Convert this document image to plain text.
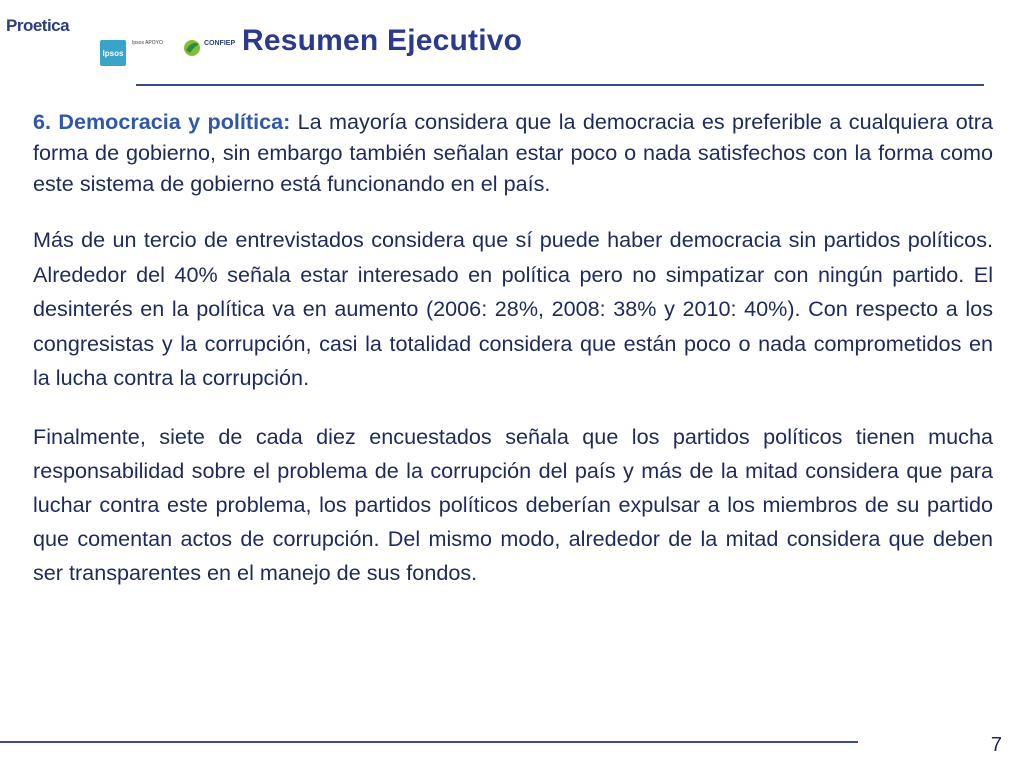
Proetica

Ipsos
Ipsos APOYO	CONFIEP Resumen Ejecutivo

6. Democracia y política: La mayoría considera que la democracia es preferible a cualquiera otra forma de gobierno, sin embargo también señalan estar poco o nada satisfechos con la forma como este sistema de gobierno está funcionando en el país.

Más de un tercio de entrevistados considera que sí puede haber democracia sin partidos políticos. Alrededor del 40% señala estar interesado en política pero no simpatizar con ningún partido. El desinterés en la política va en aumento (2006: 28%, 2008: 38% y 2010: 40%). Con respecto a los congresistas y la corrupción, casi la totalidad considera que están poco o nada comprometidos en la lucha contra la corrupción.

Finalmente, siete de cada diez encuestados señala que los partidos políticos tienen mucha responsabilidad sobre el problema de la corrupción del país y más de la mitad considera que para luchar contra este problema, los partidos políticos deberían expulsar a los miembros de su partido que comentan actos de corrupción. Del mismo modo, alrededor de la mitad considera que deben ser transparentes en el manejo de sus fondos.

7
